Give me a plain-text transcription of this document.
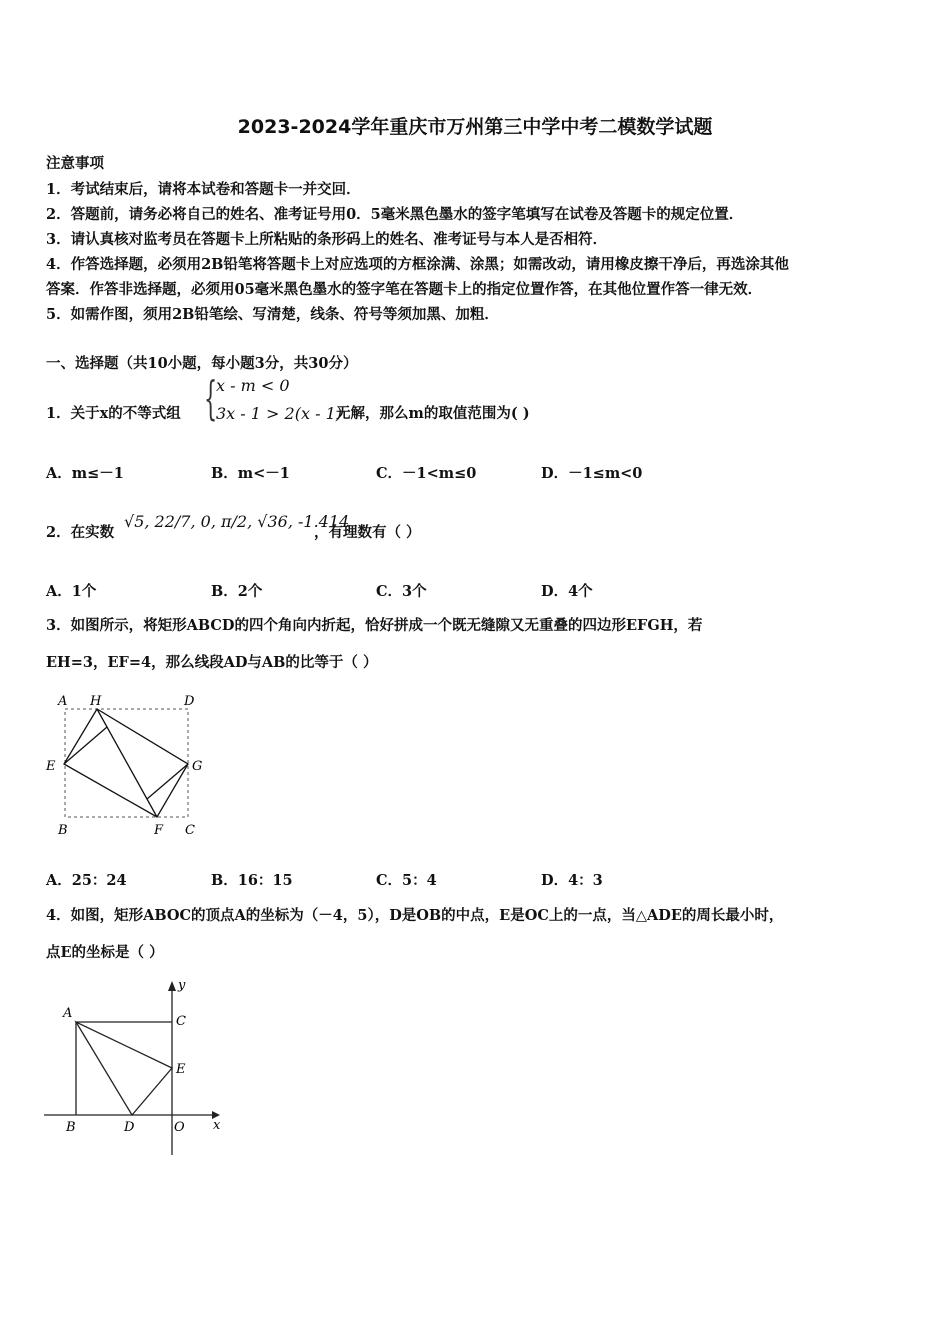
2023-2024学年重庆市万州第三中学中考二模数学试题
注意事项
1．考试结束后，请将本试卷和答题卡一并交回．
2．答题前，请务必将自己的姓名、准考证号用0．5毫米黑色墨水的签字笔填写在试卷及答题卡的规定位置．
3．请认真核对监考员在答题卡上所粘贴的条形码上的姓名、准考证号与本人是否相符．
4．作答选择题，必须用2B铅笔将答题卡上对应选项的方框涂满、涂黑；如需改动，请用橡皮擦干净后，再选涂其他
答案．作答非选择题，必须用05毫米黑色墨水的签字笔在答题卡上的指定位置作答，在其他位置作答一律无效．
5．如需作图，须用2B铅笔绘、写清楚，线条、符号等须加黑、加粗．
一、选择题（共10小题，每小题3分，共30分）
1．关于x的不等式组 {
x - m < 0
3x - 1 > 2(x - 1)
无解，那么m的取值范围为( )
A．m≤－1	B．m<－1	C．－1<m≤0	D．－1≤m<0
2．在实数
√5, 22/7, 0, π/2, √36, -1.414
，有理数有（ ）
A．1个	B．2个	C．3个	D．4个
3．如图所示，将矩形ABCD的四个角向内折起，恰好拼成一个既无缝隙又无重叠的四边形EFGH，若
EH=3，EF=4，那么线段AD与AB的比等于（ ）
A H	D
E	G
B	F C
A．25：24	B．16：15	C．5：4	D．4：3
4．如图，矩形ABOC的顶点A的坐标为（－4，5），D是OB的中点，E是OC上的一点，当△ADE的周长最小时，
点E的坐标是（ ）
y
A
C
E
B	D	O x
